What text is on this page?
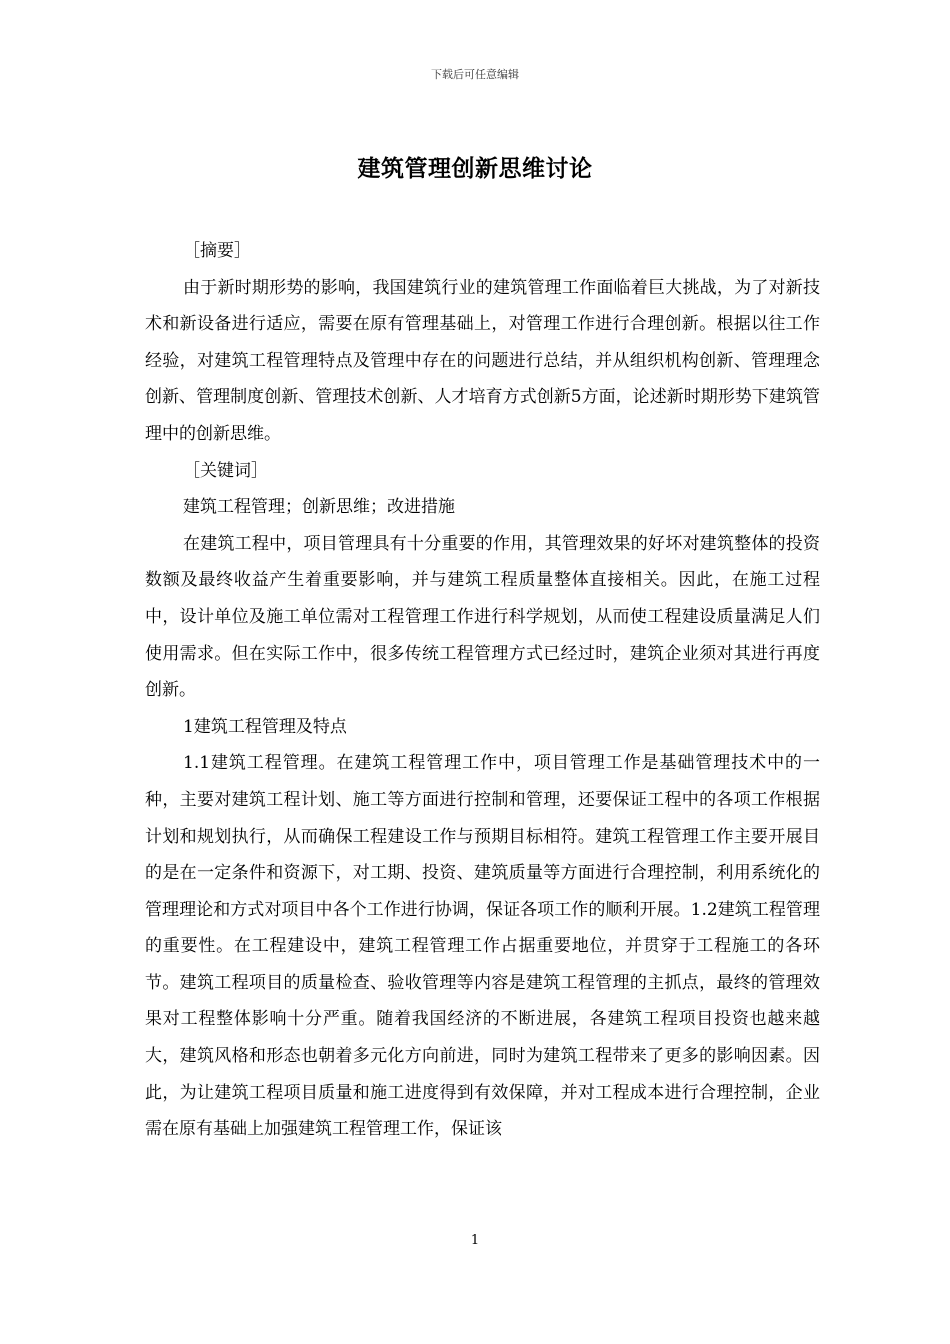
下载后可任意编辑
建筑管理创新思维讨论

［摘要］

由于新时期形势的影响，我国建筑行业的建筑管理工作面临着巨大挑战，为了对新技术和新设备进行适应，需要在原有管理基础上，对管理工作进行合理创新。根据以往工作经验，对建筑工程管理特点及管理中存在的问题进行总结，并从组织机构创新、管理理念创新、管理制度创新、管理技术创新、人才培育方式创新5方面，论述新时期形势下建筑管理中的创新思维。

［关键词］

建筑工程管理；创新思维；改进措施

在建筑工程中，项目管理具有十分重要的作用，其管理效果的好坏对建筑整体的投资数额及最终收益产生着重要影响，并与建筑工程质量整体直接相关。因此，在施工过程中，设计单位及施工单位需对工程管理工作进行科学规划，从而使工程建设质量满足人们使用需求。但在实际工作中，很多传统工程管理方式已经过时，建筑企业须对其进行再度创新。

1建筑工程管理及特点

1.1建筑工程管理。在建筑工程管理工作中，项目管理工作是基础管理技术中的一种，主要对建筑工程计划、施工等方面进行控制和管理，还要保证工程中的各项工作根据计划和规划执行，从而确保工程建设工作与预期目标相符。建筑工程管理工作主要开展目的是在一定条件和资源下，对工期、投资、建筑质量等方面进行合理控制，利用系统化的管理理论和方式对项目中各个工作进行协调，保证各项工作的顺利开展。1.2建筑工程管理的重要性。在工程建设中，建筑工程管理工作占据重要地位，并贯穿于工程施工的各环节。建筑工程项目的质量检查、验收管理等内容是建筑工程管理的主抓点，最终的管理效果对工程整体影响十分严重。随着我国经济的不断进展，各建筑工程项目投资也越来越大，建筑风格和形态也朝着多元化方向前进，同时为建筑工程带来了更多的影响因素。因此，为让建筑工程项目质量和施工进度得到有效保障，并对工程成本进行合理控制，企业需在原有基础上加强建筑工程管理工作，保证该

1
